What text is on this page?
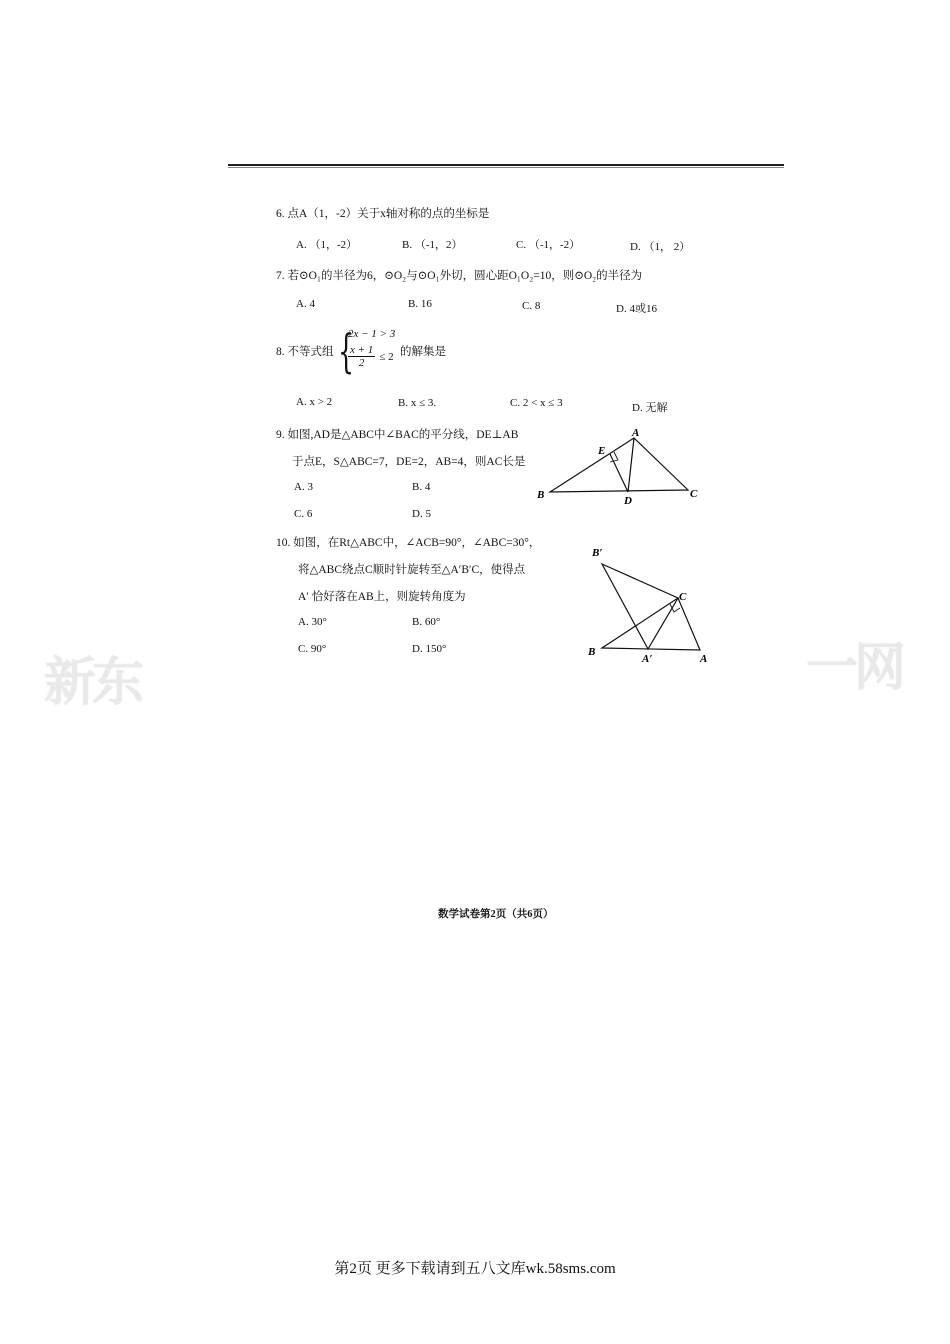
新东	一网
6. 点A（1，-2）关于x轴对称的点的坐标是
A. （1，-2）	B. （-1，2）	C. （-1，-2）	D. （1， 2）
7. 若⊙O₁的半径为6，⊙O₂与⊙O₁外切，圆心距O₁O₂=10，则⊙O₂的半径为
A. 4	B. 16	C. 8	D. 4或16
8. 不等式组 {
2x − 1 > 3
$\frac{x + 1}{2} \le 2$ 的解集是
A. x > 2	B. x ≤ 3.	C. 2 < x ≤ 3	D. 无解
9. 如图,AD是△ABC中∠BAC的平分线，DE⊥AB
于点E，S△ABC=7，DE=2，AB=4，则AC长是
A. 3	B. 4
C. 6	D. 5
A
B	C
D
E
10. 如图，在Rt△ABC中，∠ACB=90°，∠ABC=30°，
将△ABC绕点C顺时针旋转至△A′B′C，使得点
A′ 恰好落在AB上，则旋转角度为
A. 30°	B. 60°
C. 90°	D. 150°
B′
C
B
A′	A
数学试卷第2页（共6页）
第2页 更多下载请到五八文库wk.58sms.com
